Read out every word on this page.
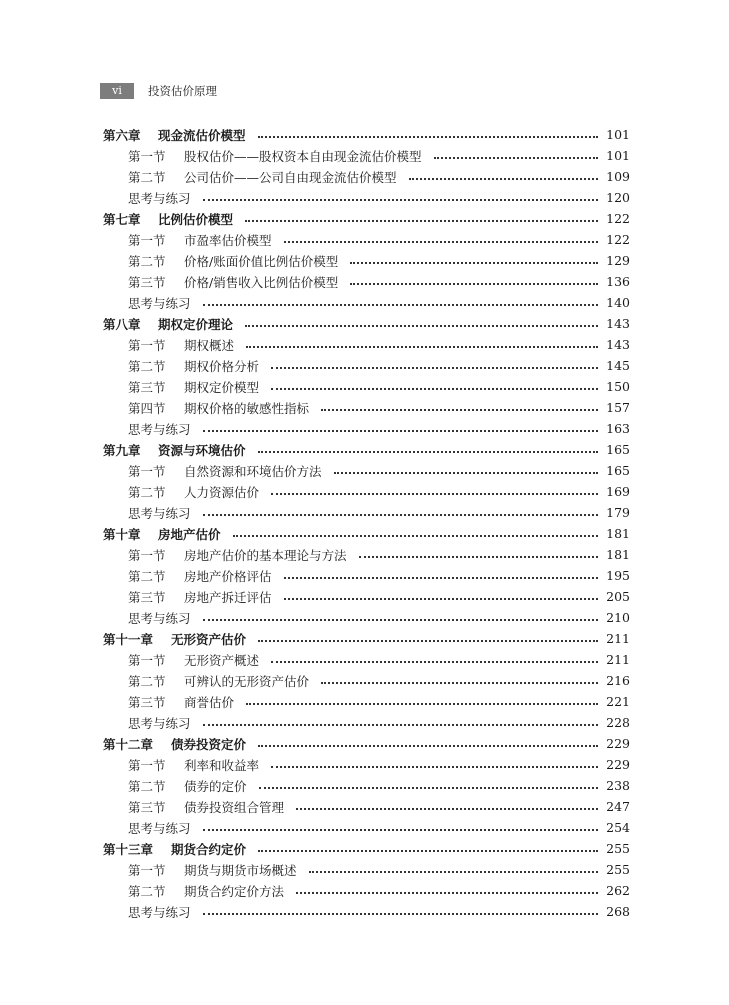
vi	投资估价原理
第六章	现金流估价模型	101
第一节	股权估价——股权资本自由现金流估价模型	101
第二节	公司估价——公司自由现金流估价模型	109
思考与练习	120
第七章	比例估价模型	122
第一节	市盈率估价模型	122
第二节	价格/账面价值比例估价模型	129
第三节	价格/销售收入比例估价模型	136
思考与练习	140
第八章	期权定价理论	143
第一节	期权概述	143
第二节	期权价格分析	145
第三节	期权定价模型	150
第四节	期权价格的敏感性指标	157
思考与练习	163
第九章	资源与环境估价	165
第一节	自然资源和环境估价方法	165
第二节	人力资源估价	169
思考与练习	179
第十章	房地产估价	181
第一节	房地产估价的基本理论与方法	181
第二节	房地产价格评估	195
第三节	房地产拆迁评估	205
思考与练习	210
第十一章	无形资产估价	211
第一节	无形资产概述	211
第二节	可辨认的无形资产估价	216
第三节	商誉估价	221
思考与练习	228
第十二章	债券投资定价	229
第一节	利率和收益率	229
第二节	债券的定价	238
第三节	债券投资组合管理	247
思考与练习	254
第十三章	期货合约定价	255
第一节	期货与期货市场概述	255
第二节	期货合约定价方法	262
思考与练习	268
